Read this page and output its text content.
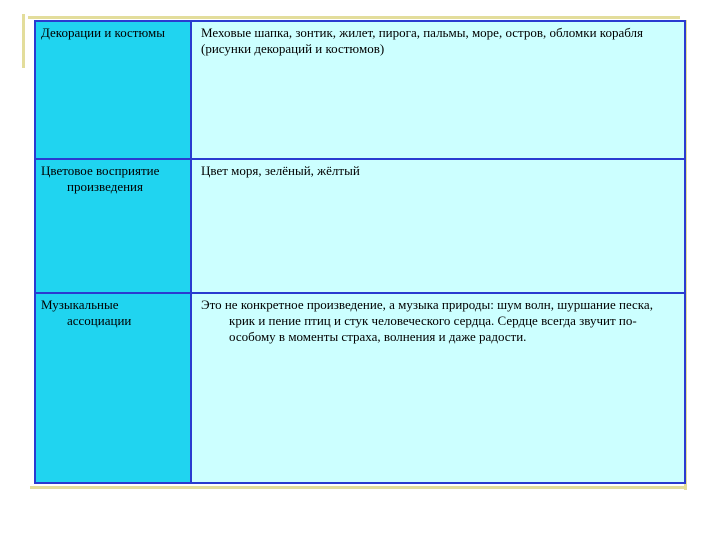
Декорации и костюмы	Меховые шапка, зонтик, жилет, пирога, пальмы, море, остров, обломки корабля
(рисунки декораций и костюмов)

Цветовое восприятие произведения	Цвет моря, зелёный, жёлтый

Музыкальные ассоциации	Это не конкретное произведение, а музыка природы: шум волн, шуршание песка, крик и пение птиц и стук человеческого сердца. Сердце всегда звучит по-особому в моменты страха, волнения и даже радости.
